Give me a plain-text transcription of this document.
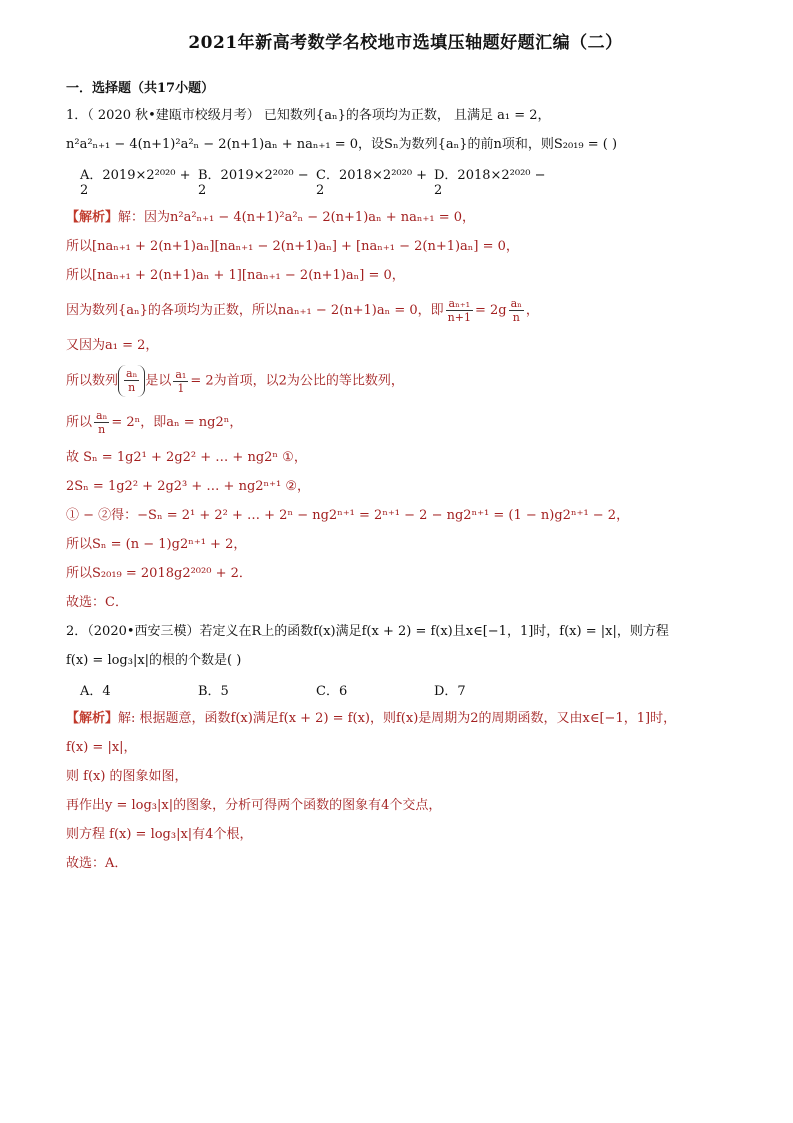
2021年新高考数学名校地市选填压轴题好题汇编（二）
一．选择题（共17小题）
1．（ 2020 秋•建瓯市校级月考） 已知数列{aₙ}的各项均为正数， 且满足 a₁ = 2，
n²a²ₙ₊₁ − 4(n+1)²a²ₙ − 2(n+1)aₙ + naₙ₊₁ = 0，设Sₙ为数列{aₙ}的前n项和，则S₂₀₁₉ = ( )
A．2019×2²⁰²⁰ + 2
B．2019×2²⁰²⁰ − 2
C．2018×2²⁰²⁰ + 2
D．2018×2²⁰²⁰ − 2
【解析】解：因为n²a²ₙ₊₁ − 4(n+1)²a²ₙ − 2(n+1)aₙ + naₙ₊₁ = 0，
所以[naₙ₊₁ + 2(n+1)aₙ][naₙ₊₁ − 2(n+1)aₙ] + [naₙ₊₁ − 2(n+1)aₙ] = 0，
所以[naₙ₊₁ + 2(n+1)aₙ + 1][naₙ₊₁ − 2(n+1)aₙ] = 0，
因为数列{aₙ}的各项均为正数，所以naₙ₊₁ − 2(n+1)aₙ = 0，即 $\frac{\text{aₙ₊₁}}{n+1} = 2g \frac{\text{aₙ}}{n}$ ，
又因为a₁ = 2，
所以数列 $\frac{\text{aₙ}}{n}$ 是以 $\frac{\text{a₁}}{1} = 2$为首项，以2为公比的等比数列，
所以 $\frac{\text{aₙ}}{n} = 2^n$，即aₙ = ng2ⁿ，
故 Sₙ = 1g2¹ + 2g2² + … + ng2ⁿ ①，
2Sₙ = 1g2² + 2g2³ + … + ng2ⁿ⁺¹ ②，
① − ②得：−Sₙ = 2¹ + 2² + … + 2ⁿ − ng2ⁿ⁺¹ = 2ⁿ⁺¹ − 2 − ng2ⁿ⁺¹ = (1 − n)g2ⁿ⁺¹ − 2，
所以Sₙ = (n − 1)g2ⁿ⁺¹ + 2，
所以S₂₀₁₉ = 2018g2²⁰²⁰ + 2．
故选：C．
2．（2020•西安三模）若定义在R上的函数f(x)满足f(x + 2) = f(x)且x∈[−1，1]时，f(x) = |x|，则方程
f(x) = log₃|x|的根的个数是( )
A．4	B．5	C．6	D．7
【解析】解: 根据题意，函数f(x)满足f(x + 2) = f(x)，则f(x)是周期为2的周期函数，又由x∈[−1，1]时，
f(x) = |x|，
则 f(x) 的图象如图，
再作出y = log₃|x|的图象，分析可得两个函数的图象有4个交点，
则方程 f(x) = log₃|x|有4个根，
故选：A．
